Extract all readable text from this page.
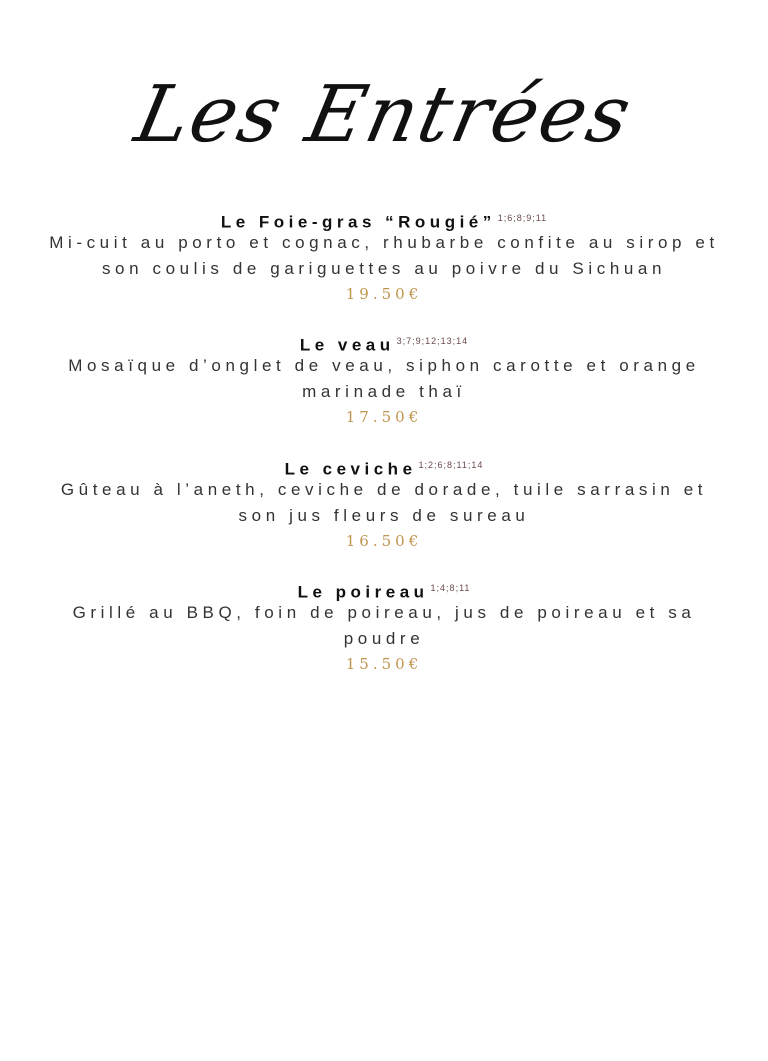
Les Entrées
Le Foie-gras “Rougié” $^{1;6;8;9;11}$
Mi-cuit au porto et cognac, rhubarbe confite au sirop et son coulis de gariguettes au poivre du Sichuan
19.50€
Le veau $^{3;7;9;12;13;14}$
Mosaïque d’onglet de veau, siphon carotte et orange marinade thaï
17.50€
Le ceviche $^{1;2;6;8;11;14}$
Gûteau à l’aneth, ceviche de dorade, tuile sarrasin et son jus fleurs de sureau
16.50€
Le poireau $^{1;4;8;11}$
Grillé au BBQ, foin de poireau, jus de poireau et sa poudre
15.50€
